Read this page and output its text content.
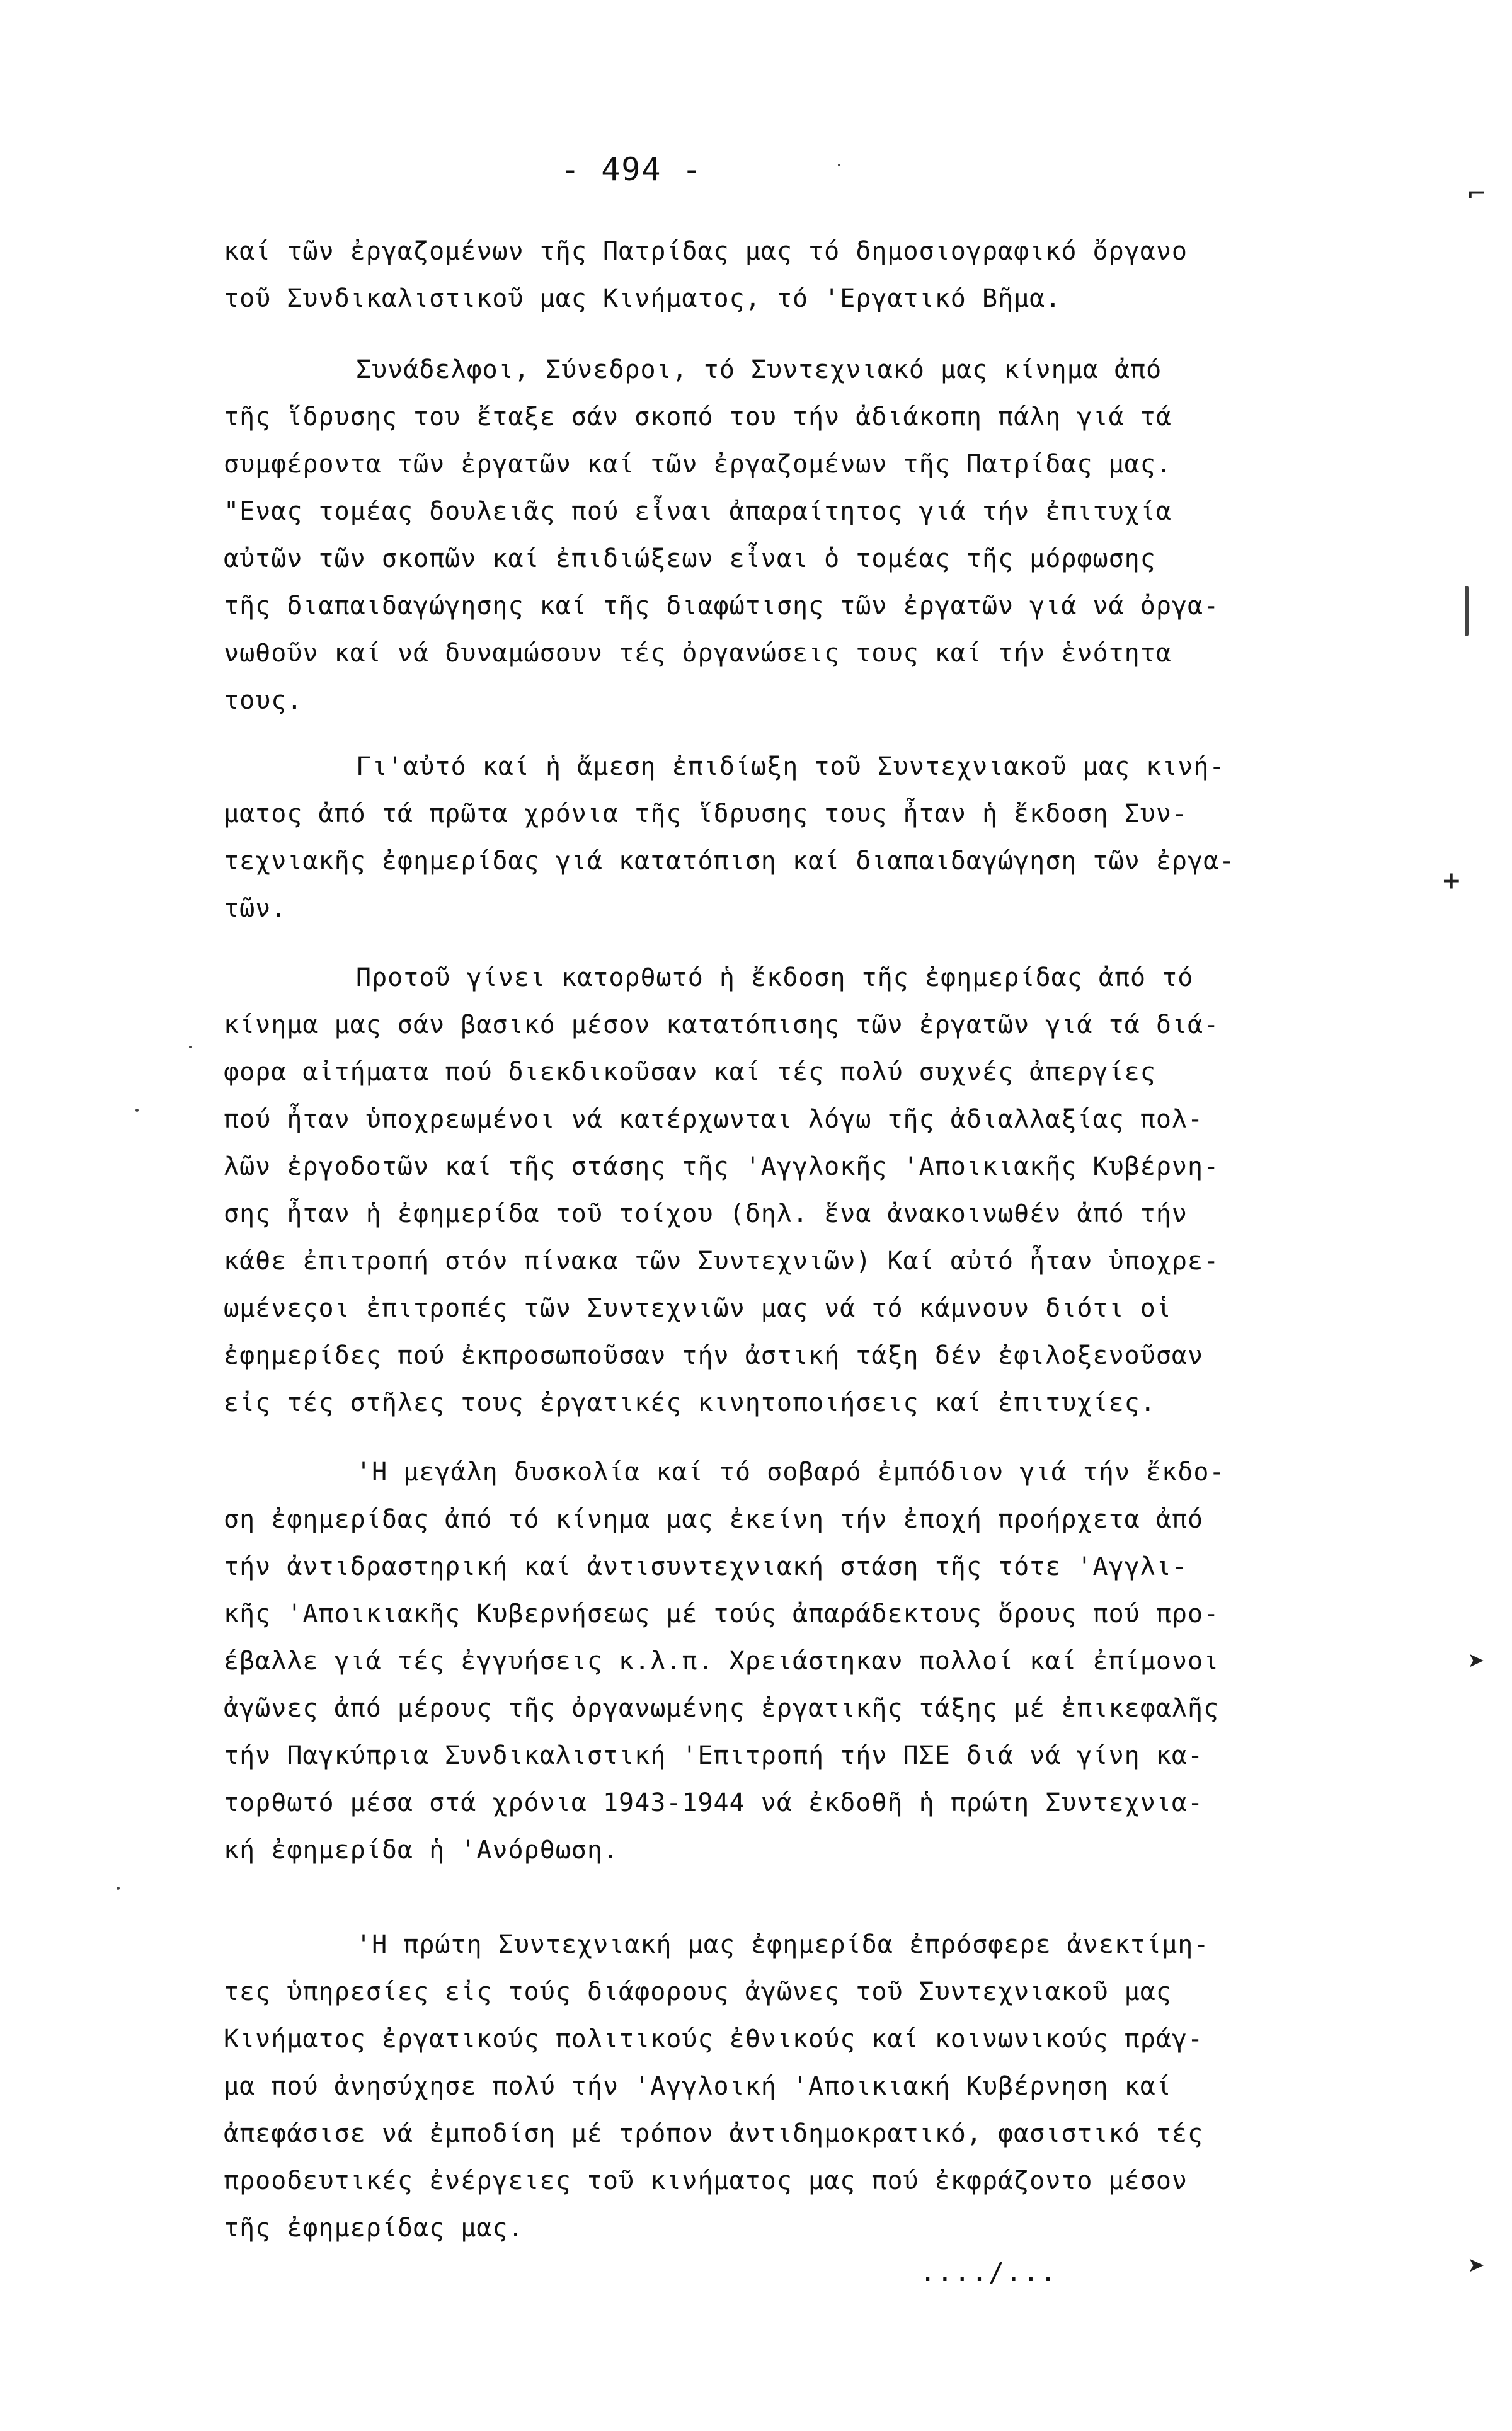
- 494 -
καί τῶν ἐργαζομένων τῆς Πατρίδας μας τό δημοσιογραφικό ὄργανο
τοῦ Συνδικαλιστικοῦ μας Κινήματος, τό 'Εργατικό Βῆμα.
Συνάδελφοι, Σύνεδροι, τό Συντεχνιακό μας κίνημα ἀπό
τῆς ἵδρυσης του ἔταξε σάν σκοπό του τήν ἀδιάκοπη πάλη γιά τά
συμφέροντα τῶν ἐργατῶν καί τῶν ἐργαζομένων τῆς Πατρίδας μας.
"Ενας τομέας δουλειᾶς πού εἶναι ἀπαραίτητος γιά τήν ἐπιτυχία
αὐτῶν τῶν σκοπῶν καί ἐπιδιώξεων εἶναι ὁ τομέας τῆς μόρφωσης
τῆς διαπαιδαγώγησης καί τῆς διαφώτισης τῶν ἐργατῶν γιά νά ὀργα-
νωθοῦν καί νά δυναμώσουν τές ὀργανώσεις τους καί τήν ἑνότητα
τους.
Γι'αὐτό καί ἡ ἄμεση ἐπιδίωξη τοῦ Συντεχνιακοῦ μας κινή-
ματος ἀπό τά πρῶτα χρόνια τῆς ἵδρυσης τους ἦταν ἡ ἔκδοση Συν-
τεχνιακῆς ἐφημερίδας γιά κατατόπιση καί διαπαιδαγώγηση τῶν ἐργα-
τῶν.
Προτοῦ γίνει κατορθωτό ἡ ἔκδοση τῆς ἐφημερίδας ἀπό τό
κίνημα μας σάν βασικό μέσον κατατόπισης τῶν ἐργατῶν γιά τά διά-
φορα αἰτήματα πού διεκδικοῦσαν καί τές πολύ συχνές ἀπεργίες
πού ἦταν ὑποχρεωμένοι νά κατέρχωνται λόγω τῆς ἀδιαλλαξίας πολ-
λῶν ἐργοδοτῶν καί τῆς στάσης τῆς 'Αγγλοκῆς 'Αποικιακῆς Κυβέρνη-
σης ἦταν ἡ ἐφημερίδα τοῦ τοίχου (δηλ. ἕνα ἀνακοινωθέν ἀπό τήν
κάθε ἐπιτροπή στόν πίνακα τῶν Συντεχνιῶν) Καί αὐτό ἦταν ὑποχρε-
ωμένεςοι ἐπιτροπές τῶν Συντεχνιῶν μας νά τό κάμνουν διότι οἱ
ἐφημερίδες πού ἐκπροσωποῦσαν τήν ἀστική τάξη δέν ἐφιλοξενοῦσαν
εἰς τές στῆλες τους ἐργατικές κινητοποιήσεις καί ἐπιτυχίες.
'Η μεγάλη δυσκολία καί τό σοβαρό ἐμπόδιον γιά τήν ἔκδο-
ση ἐφημερίδας ἀπό τό κίνημα μας ἐκείνη τήν ἐποχή προήρχετα ἀπό
τήν ἀντιδραστηρική καί ἀντισυντεχνιακή στάση τῆς τότε 'Αγγλι-
κῆς 'Αποικιακῆς Κυβερνήσεως μέ τούς ἀπαράδεκτους ὅρους πού προ-
έβαλλε γιά τές ἐγγυήσεις κ.λ.π. Χρειάστηκαν πολλοί καί ἐπίμονοι
ἀγῶνες ἀπό μέρους τῆς ὀργανωμένης ἐργατικῆς τάξης μέ ἐπικεφαλῆς
τήν Παγκύπρια Συνδικαλιστική 'Επιτροπή τήν ΠΣΕ διά νά γίνη κα-
τορθωτό μέσα στά χρόνια 1943-1944 νά ἐκδοθῆ ἡ πρώτη Συντεχνια-
κή ἐφημερίδα ἡ 'Ανόρθωση.
'Η πρώτη Συντεχνιακή μας ἐφημερίδα ἐπρόσφερε ἀνεκτίμη-
τες ὑπηρεσίες εἰς τούς διάφορους ἀγῶνες τοῦ Συντεχνιακοῦ μας
Κινήματος ἐργατικούς πολιτικούς ἐθνικούς καί κοινωνικούς πράγ-
μα πού ἀνησύχησε πολύ τήν 'Αγγλοική 'Αποικιακή Κυβέρνηση καί
ἀπεφάσισε νά ἐμποδίση μέ τρόπον ἀντιδημοκρατικό, φασιστικό τές
προοδευτικές ἐνέργειες τοῦ κινήματος μας πού ἐκφράζοντο μέσον
τῆς ἐφημερίδας μας.
..../...
⌐
+
➤
➤
